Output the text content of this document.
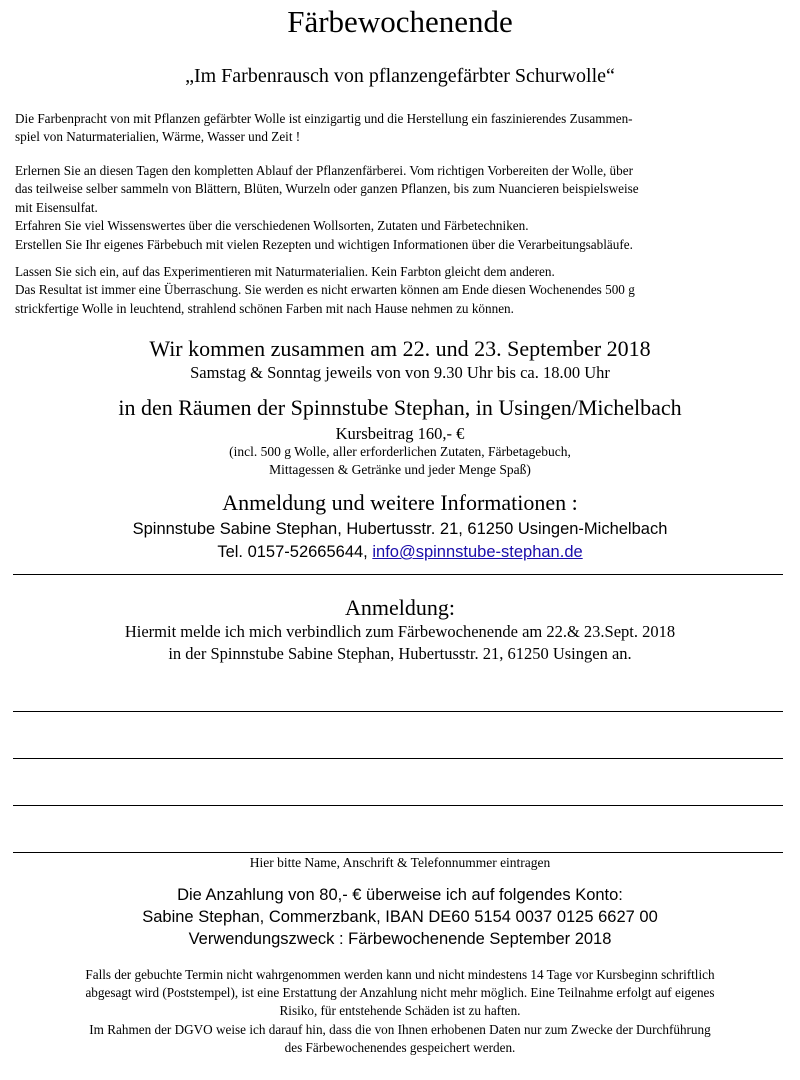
Färbewochenende
„Im Farbenrausch von pflanzengefärbter Schurwolle“
Die Farbenpracht von mit Pflanzen gefärbter Wolle ist einzigartig und die Herstellung ein faszinierendes Zusammen-
spiel von Naturmaterialien, Wärme, Wasser und Zeit !
Erlernen Sie an diesen Tagen den kompletten Ablauf der Pflanzenfärberei. Vom richtigen Vorbereiten der Wolle, über
das teilweise selber sammeln von Blättern, Blüten, Wurzeln oder ganzen Pflanzen, bis zum Nuancieren beispielsweise
mit Eisensulfat.
Erfahren Sie viel Wissenswertes über die verschiedenen Wollsorten, Zutaten und Färbetechniken.
Erstellen Sie Ihr eigenes Färbebuch mit vielen Rezepten und wichtigen Informationen über die Verarbeitungsabläufe.
Lassen Sie sich ein, auf das Experimentieren mit Naturmaterialien. Kein Farbton gleicht dem anderen.
Das Resultat ist immer eine Überraschung. Sie werden es nicht erwarten können am Ende diesen Wochenendes 500 g
strickfertige Wolle in leuchtend, strahlend schönen Farben mit nach Hause nehmen zu können.
Wir kommen zusammen am 22. und 23. September 2018
Samstag & Sonntag jeweils von von 9.30 Uhr bis ca. 18.00 Uhr
in den Räumen der Spinnstube Stephan, in Usingen/Michelbach
Kursbeitrag 160,- €
(incl. 500 g Wolle, aller erforderlichen Zutaten, Färbetagebuch,
Mittagessen & Getränke und jeder Menge Spaß)
Anmeldung und weitere Informationen :
Spinnstube Sabine Stephan, Hubertusstr. 21, 61250 Usingen-Michelbach
Tel. 0157-52665644, info@spinnstube-stephan.de
Anmeldung:
Hiermit melde ich mich verbindlich zum Färbewochenende am 22.& 23.Sept. 2018
in der Spinnstube Sabine Stephan, Hubertusstr. 21, 61250 Usingen an.
Hier bitte Name, Anschrift & Telefonnummer eintragen
Die Anzahlung von 80,- € überweise ich auf folgendes Konto:
Sabine Stephan, Commerzbank, IBAN DE60 5154 0037 0125 6627 00
Verwendungszweck : Färbewochenende September 2018
Falls der gebuchte Termin nicht wahrgenommen werden kann und nicht mindestens 14 Tage vor Kursbeginn schriftlich
abgesagt wird (Poststempel), ist eine Erstattung der Anzahlung nicht mehr möglich. Eine Teilnahme erfolgt auf eigenes
Risiko, für entstehende Schäden ist zu haften.
Im Rahmen der DGVO weise ich darauf hin, dass die von Ihnen erhobenen Daten nur zum Zwecke der Durchführung
des Färbewochenendes gespeichert werden.
